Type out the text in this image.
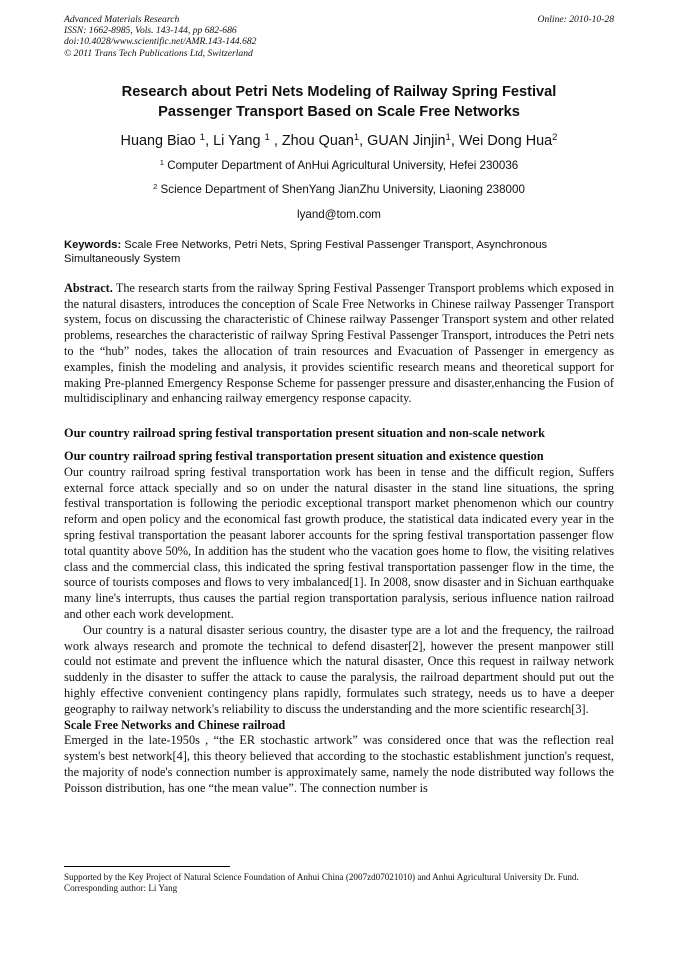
Advanced Materials Research
ISSN: 1662-8985, Vols. 143-144, pp 682-686
doi:10.4028/www.scientific.net/AMR.143-144.682
© 2011 Trans Tech Publications Ltd, Switzerland
Online: 2010-10-28
Research about Petri Nets Modeling of Railway Spring Festival
Passenger Transport Based on Scale Free Networks
Huang Biao $^1$, Li Yang $^1$ , Zhou Quan$^1$, GUAN Jinjin$^1$, Wei Dong Hua$^2$
$^1$ Computer Department of AnHui Agricultural University, Hefei 230036
$^2$ Science Department of ShenYang JianZhu University, Liaoning 238000
lyand@tom.com
Keywords: Scale Free Networks, Petri Nets, Spring Festival Passenger Transport, Asynchronous Simultaneously System

Abstract. The research starts from the railway Spring Festival Passenger Transport problems which exposed in the natural disasters, introduces the conception of Scale Free Networks in Chinese railway Passenger Transport system, focus on discussing the characteristic of Chinese railway Passenger Transport system and other related problems, researches the characteristic of railway Spring Festival Passenger Transport, introduces the Petri nets to the “hub” nodes, takes the allocation of train resources and Evacuation of Passenger in emergency as examples, finish the modeling and analysis, it provides scientific research means and theoretical support for making Pre-planned Emergency Response Scheme for passenger pressure and disaster,enhancing the Fusion of multidisciplinary and enhancing railway emergency response capacity.

Our country railroad spring festival transportation present situation and non-scale network
Our country railroad spring festival transportation present situation and existence question

Our country railroad spring festival transportation work has been in tense and the difficult region, Suffers external force attack specially and so on under the natural disaster in the stand line situations, the spring festival transportation is following the periodic exceptional transport market phenomenon which our country reform and open policy and the economical fast growth produce, the statistical data indicated every year in the spring festival transportation the peasant laborer accounts for the spring festival transportation passenger flow total quantity above 50%, In addition has the student who the vacation goes home to flow, the visiting relatives class and the commercial class, this indicated the spring festival transportation passenger flow in the time, the source of tourists composes and flows to very imbalanced[1]. In 2008, snow disaster and in Sichuan earthquake many line's interrupts, thus causes the partial region transportation paralysis, serious influence nation railroad and other each work development.

Our country is a natural disaster serious country, the disaster type are a lot and the frequency, the railroad work always research and promote the technical to defend disaster[2], however the present manpower still could not estimate and prevent the influence which the natural disaster, Once this request in railway network suddenly in the disaster to suffer the attack to cause the paralysis, the railroad department should put out the highly effective convenient contingency plans rapidly, formulates such strategy, needs us to have a deeper geography to railway network's reliability to discuss the understanding and the more scientific research[3].

Scale Free Networks and Chinese railroad

Emerged in the late-1950s , “the ER stochastic artwork” was considered once that was the reflection real system's best network[4], this theory believed that according to the stochastic establishment junction's request, the majority of node's connection number is approximately same, namely the node distributed way follows the Poisson distribution, has one “the mean value”. The connection number is

Supported by the Key Project of Natural Science Foundation of Anhui China (2007zd07021010) and Anhui Agricultural University Dr. Fund. Corresponding author: Li Yang
